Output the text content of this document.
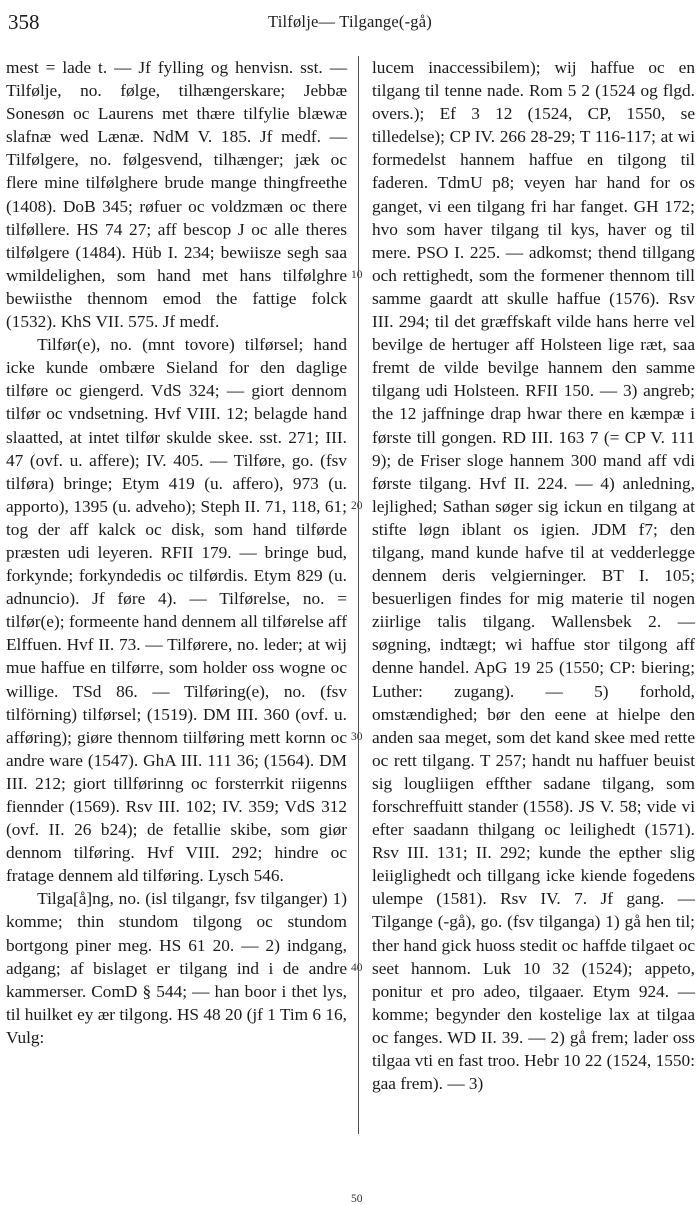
358	Tilfølje— Tilgange(-gå)

mest = lade t. — Jf fylling og henvisn. sst. — Tilfølje, no. følge, tilhængerskare; Jebbæ Sonesøn oc Laurens met thære tilfylie blæwæ slafnæ wed Lænæ. NdM V. 185. Jf medf. — Tilfølgere, no. følgesvend, tilhænger; jæk oc flere mine tilfølghere brude mange thingfreethe (1408). DoB 345; røfuer oc voldzmæn oc there tilføllere. HS 74 27; aff bescop J oc alle theres tilfølgere (1484). Hüb I. 234; bewiisze segh saa wmildelighen, som hand met hans tilfølghre bewiisthe thennom emod the fattige folck (1532). KhS VII. 575. Jf medf.

Tilfør(e), no. (mnt tovore) tilførsel; hand icke kunde ombære Sieland for den daglige tilføre oc giengerd. VdS 324; — giort dennom tilfør oc vndsetning. Hvf VIII. 12; belagde hand slaatted, at intet tilfør skulde skee. sst. 271; III. 47 (ovf. u. affere); IV. 405. — Tilføre, go. (fsv tilføra) bringe; Etym 419 (u. affero), 973 (u. apporto), 1395 (u. adveho); Steph II. 71, 118, 61; tog der aff kalck oc disk, som hand tilførde præsten udi leyeren. RFII 179. — bringe bud, forkynde; forkyndedis oc tilførdis. Etym 829 (u. adnuncio). Jf føre 4). — Tilførelse, no. = tilfør(e); formeente hand dennem all tilførelse aff Elffuen. Hvf II. 73. — Tilførere, no. leder; at wij mue haffue en tilførre, som holder oss wogne oc willige. TSd 86. — Tilføring(e), no. (fsv tilförning) tilførsel; (1519). DM III. 360 (ovf. u. afføring); giøre thennom tiilføring mett kornn oc andre ware (1547). GhA III. 111 36; (1564). DM III. 212; giort tillførinng oc forsterrkit riigenns fiennder (1569). Rsv III. 102; IV. 359; VdS 312 (ovf. II. 26 b24); de fetallie skibe, som giør dennom tilføring. Hvf VIII. 292; hindre oc fratage dennem ald tilføring. Lysch 546.

Tilga[å]ng, no. (isl tilgangr, fsv tilganger) 1) komme; thin stundom tilgong oc stundom bortgong piner meg. HS 61 20. — 2) indgang, adgang; af bislaget er tilgang ind i de andre kammerser. ComD § 544; — han boor i thet lys, til huilket ey ær tilgong. HS 48 20 (jf 1 Tim 6 16, Vulg:

10
20
30
40
50

lucem inaccessibilem); wij haffue oc en tilgang til tenne nade. Rom 5 2 (1524 og flgd. overs.); Ef 3 12 (1524, CP, 1550, se tilledelse); CP IV. 266 28-29; T 116-117; at wi formedelst hannem haffue en tilgong til faderen. TdmU p8; veyen har hand for os ganget, vi een tilgang fri har fanget. GH 172; hvo som haver tilgang til kys, haver og til mere. PSO I. 225. — adkomst; thend tillgang och rettighedt, som the formener thennom till samme gaardt att skulle haffue (1576). Rsv III. 294; til det græffskaft vilde hans herre vel bevilge de hertuger aff Holsteen lige ræt, saa fremt de vilde bevilge hannem den samme tilgang udi Holsteen. RFII 150. — 3) angreb; the 12 jaffninge drap hwar there en kæmpæ i første till gongen. RD III. 163 7 (= CP V. 111 9); de Friser sloge hannem 300 mand aff vdi første tilgang. Hvf II. 224. — 4) anledning, lejlighed; Sathan søger sig ickun en tilgang at stifte løgn iblant os igien. JDM f7; den tilgang, mand kunde hafve til at vedderlegge dennem deris velgierninger. BT I. 105; besuerligen findes for mig materie til nogen ziirlige talis tilgang. Wallensbek 2. — søgning, indtægt; wi haffue stor tilgong aff denne handel. ApG 19 25 (1550; CP: biering; Luther: zugang). — 5) forhold, omstændighed; bør den eene at hielpe den anden saa meget, som det kand skee med rette oc rett tilgang. T 257; handt nu haffuer beuist sig lougliigen effther sadane tilgang, som forschreffuitt stander (1558). JS V. 58; vide vi efter saadann thilgang oc leilighedt (1571). Rsv III. 131; II. 292; kunde the epther slig leiiglighedt och tillgang icke kiende fogedens ulempe (1581). Rsv IV. 7. Jf gang. — Tilgange (-gå), go. (fsv tilganga) 1) gå hen til; ther hand gick huoss stedit oc haffde tilgaet oc seet hannom. Luk 10 32 (1524); appeto, ponitur et pro adeo, tilgaaer. Etym 924. — komme; begynder den kostelige lax at tilgaa oc fanges. WD II. 39. — 2) gå frem; lader oss tilgaa vti en fast troo. Hebr 10 22 (1524, 1550: gaa frem). — 3)
